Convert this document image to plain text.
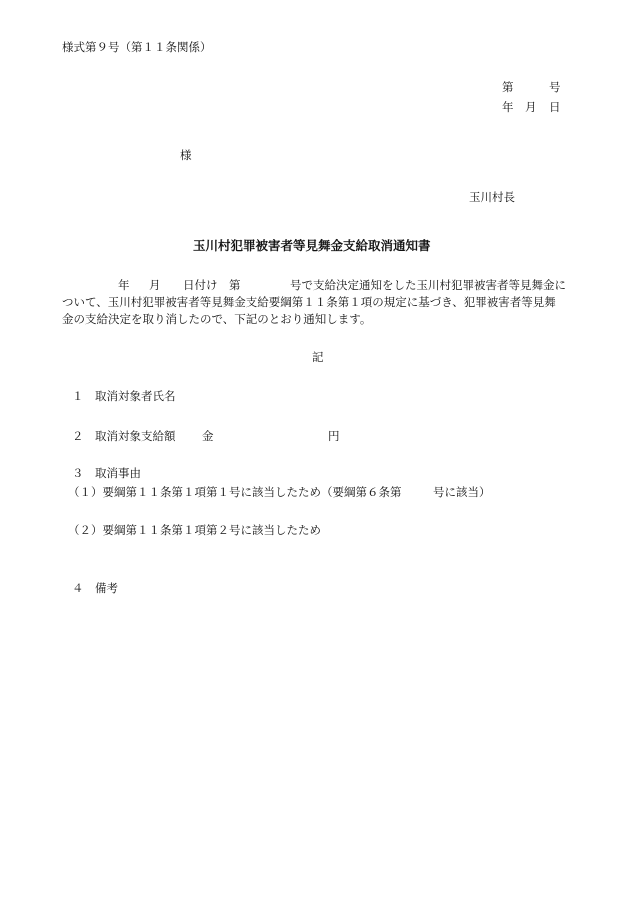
様式第９号（第１１条関係）
第	号
年 月 日
様
玉川村長
玉川村犯罪被害者等見舞金支給取消通知書
年 月 日付け 第	号で支給決定通知をした玉川村犯罪被害者等見舞金に
ついて、玉川村犯罪被害者等見舞金支給要綱第１１条第１項の規定に基づき、犯罪被害者等見舞
金の支給決定を取り消したので、下記のとおり通知します。
記
１　取消対象者氏名
２　取消対象支給額 金	円
３　取消事由
（１）要綱第１１条第１項第１号に該当したため（要綱第６条第	号に該当）
（２）要綱第１１条第１項第２号に該当したため
４　備考
